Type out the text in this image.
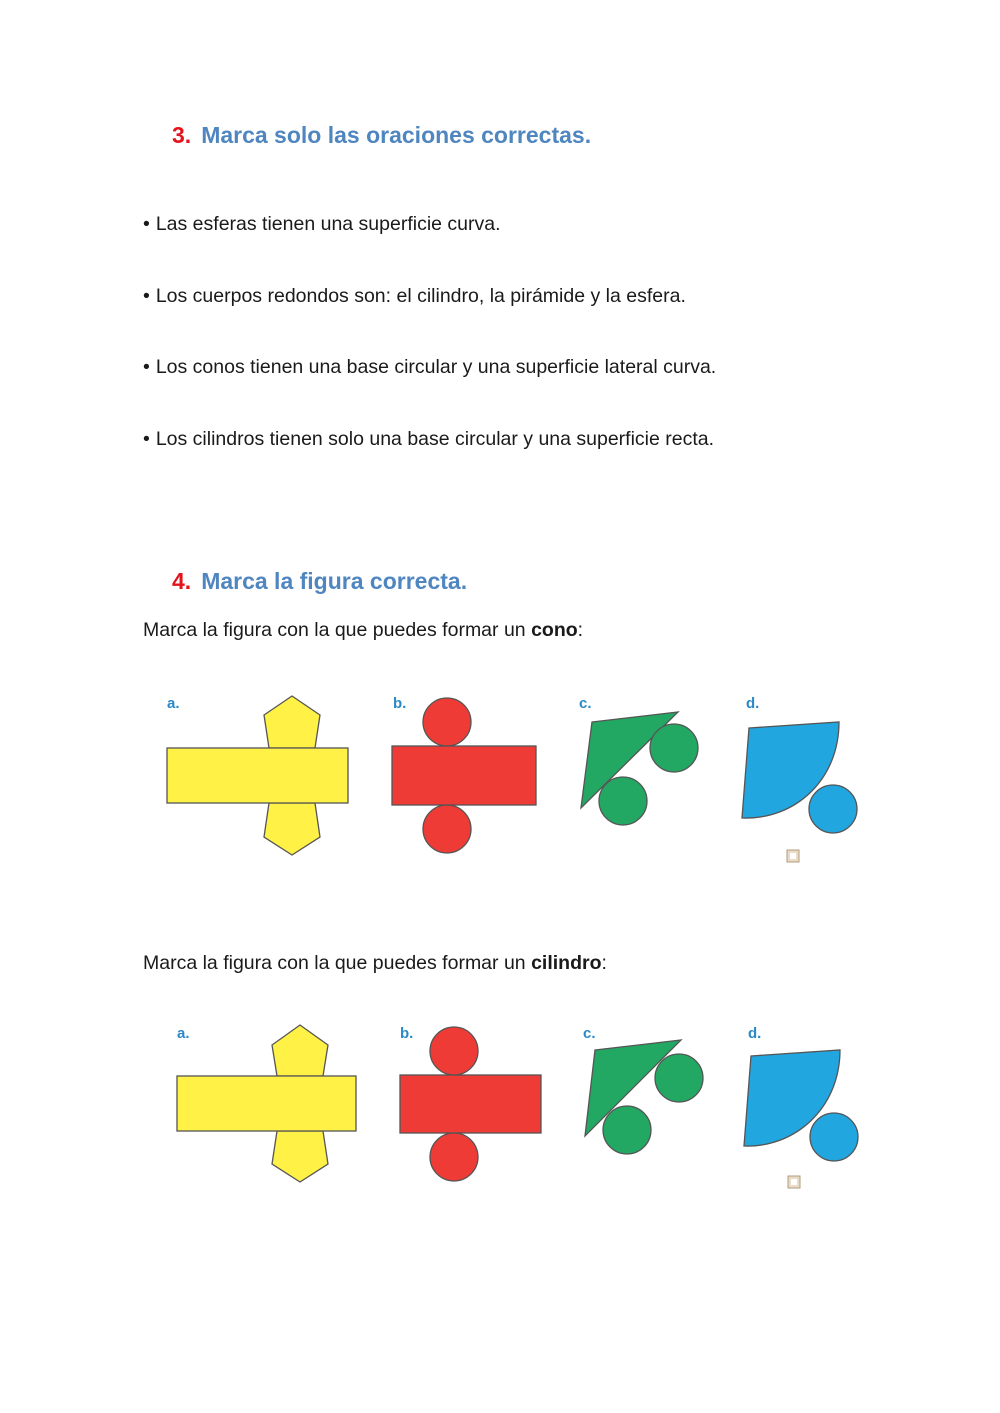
3. Marca solo las oraciones correctas.
• Las esferas tienen una superficie curva.
• Los cuerpos redondos son: el cilindro, la pirámide y la esfera.
• Los conos tienen una base circular y una superficie lateral curva.
• Los cilindros tienen solo una base circular y una superficie recta.
4. Marca la figura correcta.
Marca la figura con la que puedes formar un cono:
a.	b.	c.	d.
Marca la figura con la que puedes formar un cilindro:
a.	b.	c.	d.
